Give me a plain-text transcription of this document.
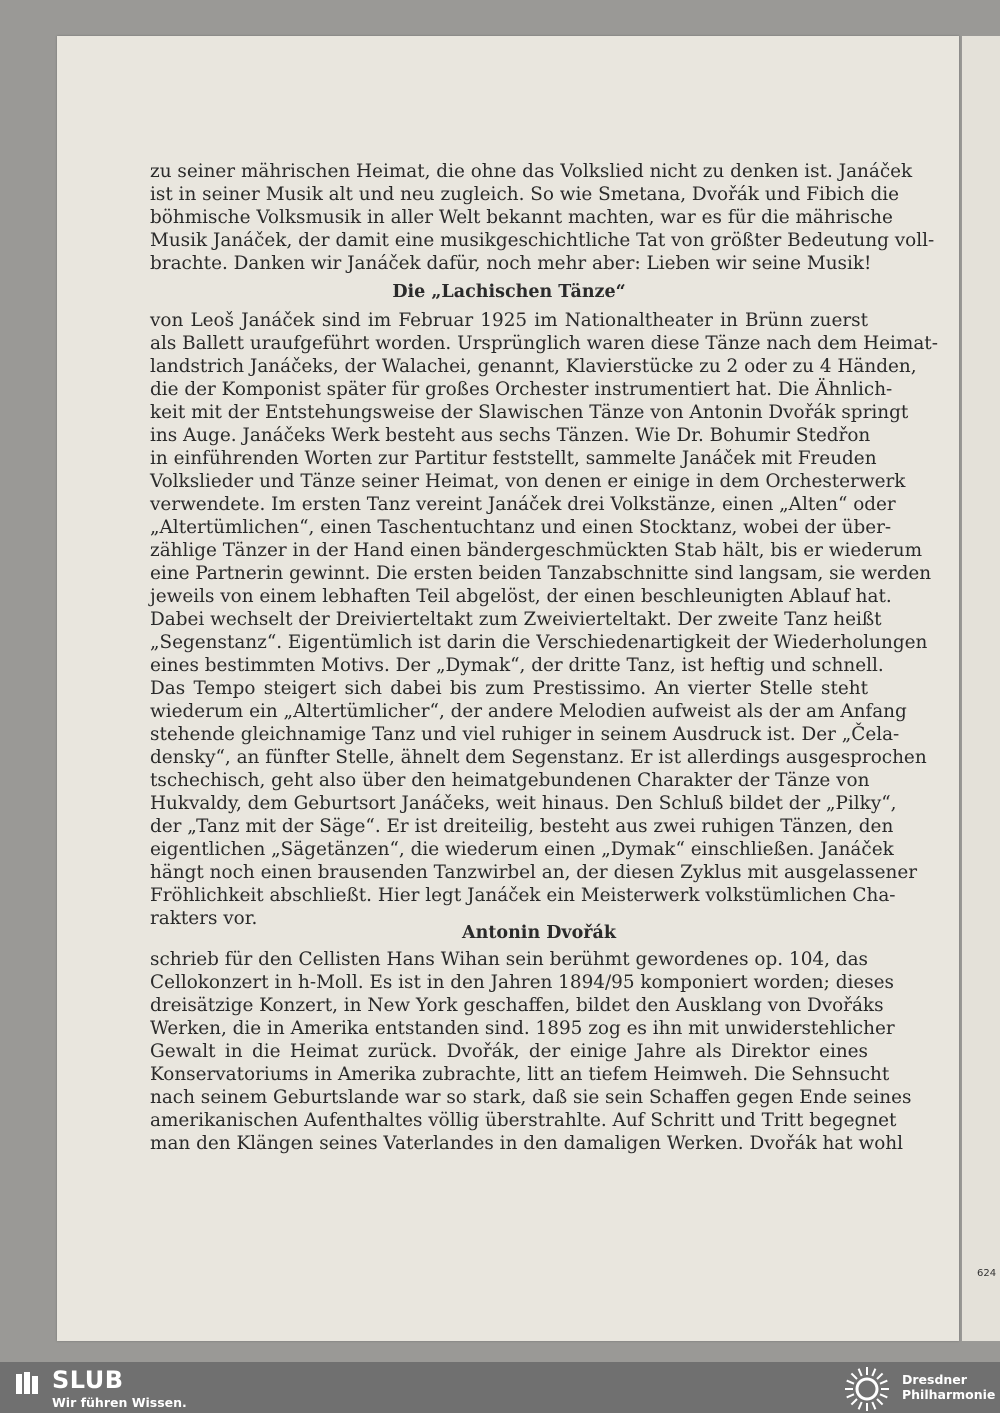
zu seiner mährischen Heimat, die ohne das Volkslied nicht zu denken ist. Janáček
ist in seiner Musik alt und neu zugleich. So wie Smetana, Dvořák und Fibich die
böhmische Volksmusik in aller Welt bekannt machten, war es für die mährische
Musik Janáček, der damit eine musikgeschichtliche Tat von größter Bedeutung voll-
brachte. Danken wir Janáček dafür, noch mehr aber: Lieben wir seine Musik!
Die „Lachischen Tänze“
von Leoš Janáček sind im Februar 1925 im Nationaltheater in Brünn zuerst
als Ballett uraufgeführt worden. Ursprünglich waren diese Tänze nach dem Heimat-
landstrich Janáčeks, der Walachei, genannt, Klavierstücke zu 2 oder zu 4 Händen,
die der Komponist später für großes Orchester instrumentiert hat. Die Ähnlich-
keit mit der Entstehungsweise der Slawischen Tänze von Antonin Dvořák springt
ins Auge. Janáčeks Werk besteht aus sechs Tänzen. Wie Dr. Bohumir Stedřon
in einführenden Worten zur Partitur feststellt, sammelte Janáček mit Freuden
Volkslieder und Tänze seiner Heimat, von denen er einige in dem Orchesterwerk
verwendete. Im ersten Tanz vereint Janáček drei Volkstänze, einen „Alten“ oder
„Altertümlichen“, einen Taschentuchtanz und einen Stocktanz, wobei der über-
zählige Tänzer in der Hand einen bändergeschmückten Stab hält, bis er wiederum
eine Partnerin gewinnt. Die ersten beiden Tanzabschnitte sind langsam, sie werden
jeweils von einem lebhaften Teil abgelöst, der einen beschleunigten Ablauf hat.
Dabei wechselt der Dreivierteltakt zum Zweivierteltakt. Der zweite Tanz heißt
„Segenstanz“. Eigentümlich ist darin die Verschiedenartigkeit der Wiederholungen
eines bestimmten Motivs. Der „Dymak“, der dritte Tanz, ist heftig und schnell.
Das Tempo steigert sich dabei bis zum Prestissimo. An vierter Stelle steht
wiederum ein „Altertümlicher“, der andere Melodien aufweist als der am Anfang
stehende gleichnamige Tanz und viel ruhiger in seinem Ausdruck ist. Der „Čela-
densky“, an fünfter Stelle, ähnelt dem Segenstanz. Er ist allerdings ausgesprochen
tschechisch, geht also über den heimatgebundenen Charakter der Tänze von
Hukvaldy, dem Geburtsort Janáčeks, weit hinaus. Den Schluß bildet der „Pilky“,
der „Tanz mit der Säge“. Er ist dreiteilig, besteht aus zwei ruhigen Tänzen, den
eigentlichen „Sägetänzen“, die wiederum einen „Dymak“ einschließen. Janáček
hängt noch einen brausenden Tanzwirbel an, der diesen Zyklus mit ausgelassener
Fröhlichkeit abschließt. Hier legt Janáček ein Meisterwerk volkstümlichen Cha-
rakters vor.
Antonin Dvořák
schrieb für den Cellisten Hans Wihan sein berühmt gewordenes op. 104, das
Cellokonzert in h-Moll. Es ist in den Jahren 1894/95 komponiert worden; dieses
dreisätzige Konzert, in New York geschaffen, bildet den Ausklang von Dvořáks
Werken, die in Amerika entstanden sind. 1895 zog es ihn mit unwiderstehlicher
Gewalt in die Heimat zurück. Dvořák, der einige Jahre als Direktor eines
Konservatoriums in Amerika zubrachte, litt an tiefem Heimweh. Die Sehnsucht
nach seinem Geburtslande war so stark, daß sie sein Schaffen gegen Ende seines
amerikanischen Aufenthaltes völlig überstrahlte. Auf Schritt und Tritt begegnet
man den Klängen seines Vaterlandes in den damaligen Werken. Dvořák hat wohl
624
SLUB
Wir führen Wissen.
Dresdner
Philharmonie
